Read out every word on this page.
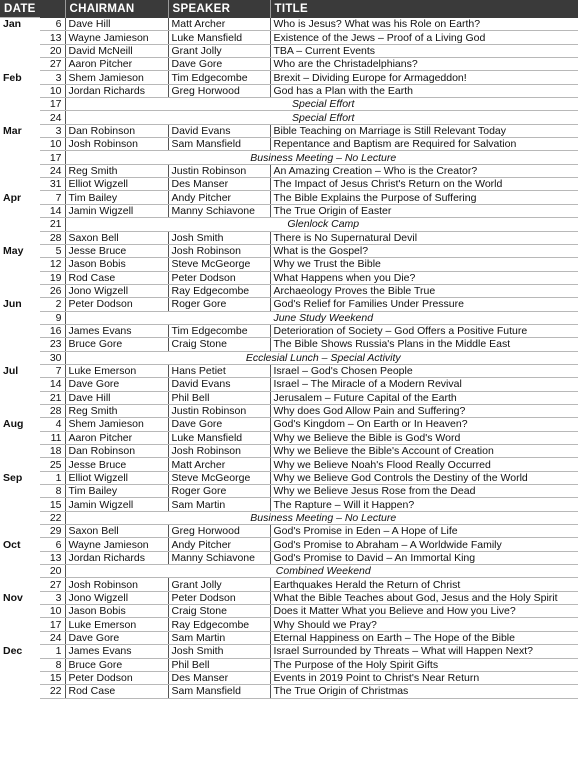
DATE		CHAIRMAN	SPEAKER	TITLE
Jan	6	Dave Hill	Matt Archer	Who is Jesus? What was his Role on Earth?
	13	Wayne Jamieson	Luke Mansfield	Existence of the Jews – Proof of a Living God
	20	David McNeill	Grant Jolly	TBA – Current Events
	27	Aaron Pitcher	Dave Gore	Who are the Christadelphians?
Feb	3	Shem Jamieson	Tim Edgecombe	Brexit – Dividing Europe for Armageddon!
	10	Jordan Richards	Greg Horwood	God has a Plan with the Earth
	17	Special Effort		
	24	Special Effort		
Mar	3	Dan Robinson	David Evans	Bible Teaching on Marriage is Still Relevant Today
	10	Josh Robinson	Sam Mansfield	Repentance and Baptism are Required for Salvation
	17	Business Meeting – No Lecture		
	24	Reg Smith	Justin Robinson	An Amazing Creation – Who is the Creator?
	31	Elliot Wigzell	Des Manser	The Impact of Jesus Christ's Return on the World
Apr	7	Tim Bailey	Andy Pitcher	The Bible Explains the Purpose of Suffering
	14	Jamin Wigzell	Manny Schiavone	The True Origin of Easter
	21	Glenlock Camp		
	28	Saxon Bell	Josh Smith	There is No Supernatural Devil
May	5	Jesse Bruce	Josh Robinson	What is the Gospel?
	12	Jason Bobis	Steve McGeorge	Why we Trust the Bible
	19	Rod Case	Peter Dodson	What Happens when you Die?
	26	Jono Wigzell	Ray Edgecombe	Archaeology Proves the Bible True
Jun	2	Peter Dodson	Roger Gore	God's Relief for Families Under Pressure
	9	June Study Weekend		
	16	James Evans	Tim Edgecombe	Deterioration of Society – God Offers a Positive Future
	23	Bruce Gore	Craig Stone	The Bible Shows Russia's Plans in the Middle East
	30	Ecclesial Lunch – Special Activity		
Jul	7	Luke Emerson	Hans Petiet	Israel – God's Chosen People
	14	Dave Gore	David Evans	Israel – The Miracle of a Modern Revival
	21	Dave Hill	Phil Bell	Jerusalem – Future Capital of the Earth
	28	Reg Smith	Justin Robinson	Why does God Allow Pain and Suffering?
Aug	4	Shem Jamieson	Dave Gore	God's Kingdom – On Earth or In Heaven?
	11	Aaron Pitcher	Luke Mansfield	Why we Believe the Bible is God's Word
	18	Dan Robinson	Josh Robinson	Why we Believe the Bible's Account of Creation
	25	Jesse Bruce	Matt Archer	Why we Believe Noah's Flood Really Occurred
Sep	1	Elliot Wigzell	Steve McGeorge	Why we Believe God Controls the Destiny of the World
	8	Tim Bailey	Roger Gore	Why we Believe Jesus Rose from the Dead
	15	Jamin Wigzell	Sam Martin	The Rapture – Will it Happen?
	22	Business Meeting – No Lecture		
	29	Saxon Bell	Greg Horwood	God's Promise in Eden – A Hope of Life
Oct	6	Wayne Jamieson	Andy Pitcher	God's Promise to Abraham – A Worldwide Family
	13	Jordan Richards	Manny Schiavone	God's Promise to David – An Immortal King
	20	Combined Weekend		
	27	Josh Robinson	Grant Jolly	Earthquakes Herald the Return of Christ
Nov	3	Jono Wigzell	Peter Dodson	What the Bible Teaches about God, Jesus and the Holy Spirit
	10	Jason Bobis	Craig Stone	Does it Matter What you Believe and How you Live?
	17	Luke Emerson	Ray Edgecombe	Why Should we Pray?
	24	Dave Gore	Sam Martin	Eternal Happiness on Earth – The Hope of the Bible
Dec	1	James Evans	Josh Smith	Israel Surrounded by Threats – What will Happen Next?
	8	Bruce Gore	Phil Bell	The Purpose of the Holy Spirit Gifts
	15	Peter Dodson	Des Manser	Events in 2019 Point to Christ's Near Return
	22	Rod Case	Sam Mansfield	The True Origin of Christmas
